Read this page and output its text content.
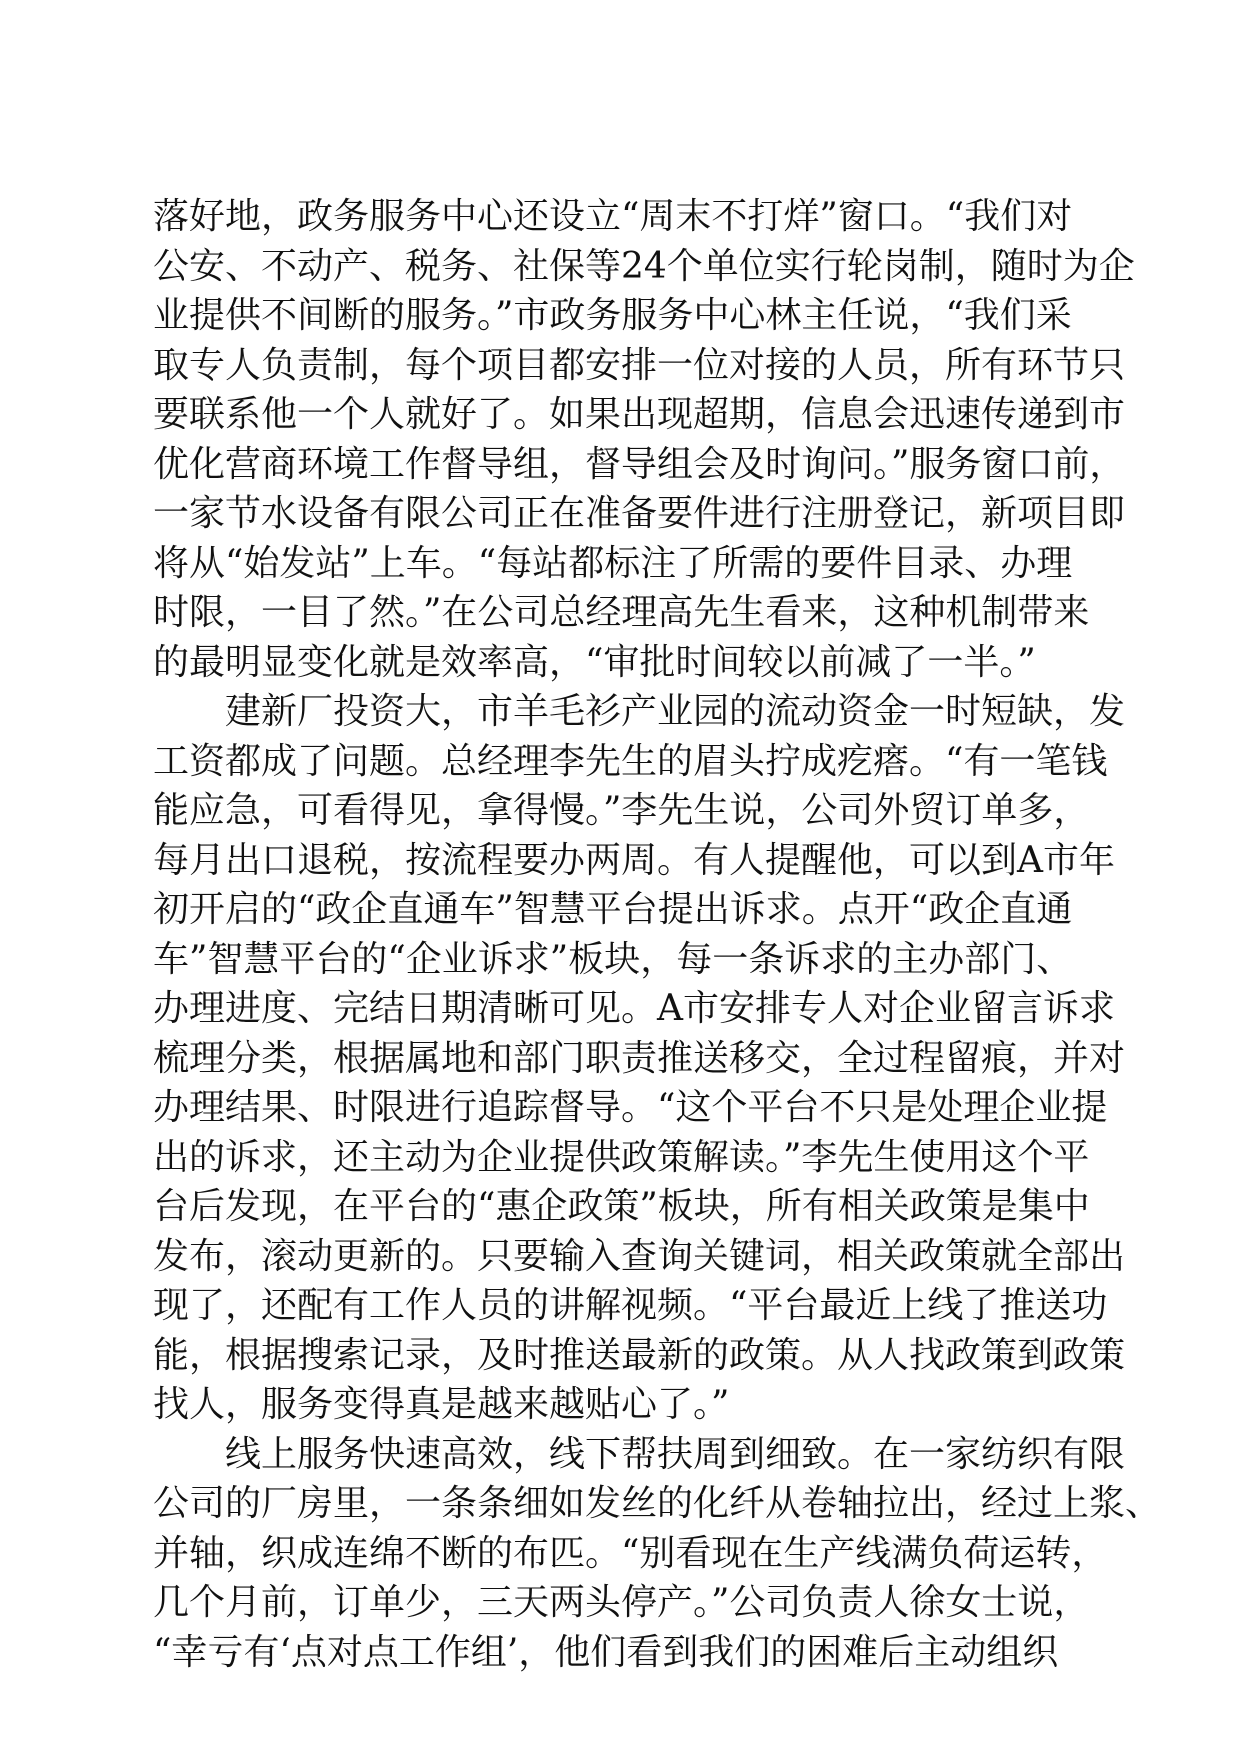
落好地，政务服务中心还设立“周末不打烊”窗口。“我们对
公安、不动产、税务、社保等24个单位实行轮岗制，随时为企
业提供不间断的服务。”市政务服务中心林主任说，“我们采
取专人负责制，每个项目都安排一位对接的人员，所有环节只
要联系他一个人就好了。如果出现超期，信息会迅速传递到市
优化营商环境工作督导组，督导组会及时询问。”服务窗口前，
一家节水设备有限公司正在准备要件进行注册登记，新项目即
将从“始发站”上车。“每站都标注了所需的要件目录、办理
时限，一目了然。”在公司总经理高先生看来，这种机制带来
的最明显变化就是效率高，“审批时间较以前减了一半。”
建新厂投资大，市羊毛衫产业园的流动资金一时短缺，发
工资都成了问题。总经理李先生的眉头拧成疙瘩。“有一笔钱
能应急，可看得见，拿得慢。”李先生说，公司外贸订单多，
每月出口退税，按流程要办两周。有人提醒他，可以到A市年
初开启的“政企直通车”智慧平台提出诉求。点开“政企直通
车”智慧平台的“企业诉求”板块，每一条诉求的主办部门、
办理进度、完结日期清晰可见。A市安排专人对企业留言诉求
梳理分类，根据属地和部门职责推送移交，全过程留痕，并对
办理结果、时限进行追踪督导。“这个平台不只是处理企业提
出的诉求，还主动为企业提供政策解读。”李先生使用这个平
台后发现，在平台的“惠企政策”板块，所有相关政策是集中
发布，滚动更新的。只要输入查询关键词，相关政策就全部出
现了，还配有工作人员的讲解视频。“平台最近上线了推送功
能，根据搜索记录，及时推送最新的政策。从人找政策到政策
找人，服务变得真是越来越贴心了。”
线上服务快速高效，线下帮扶周到细致。在一家纺织有限
公司的厂房里，一条条细如发丝的化纤从卷轴拉出，经过上浆、
并轴，织成连绵不断的布匹。“别看现在生产线满负荷运转，
几个月前，订单少，三天两头停产。”公司负责人徐女士说，
“幸亏有‘点对点工作组’，他们看到我们的困难后主动组织
